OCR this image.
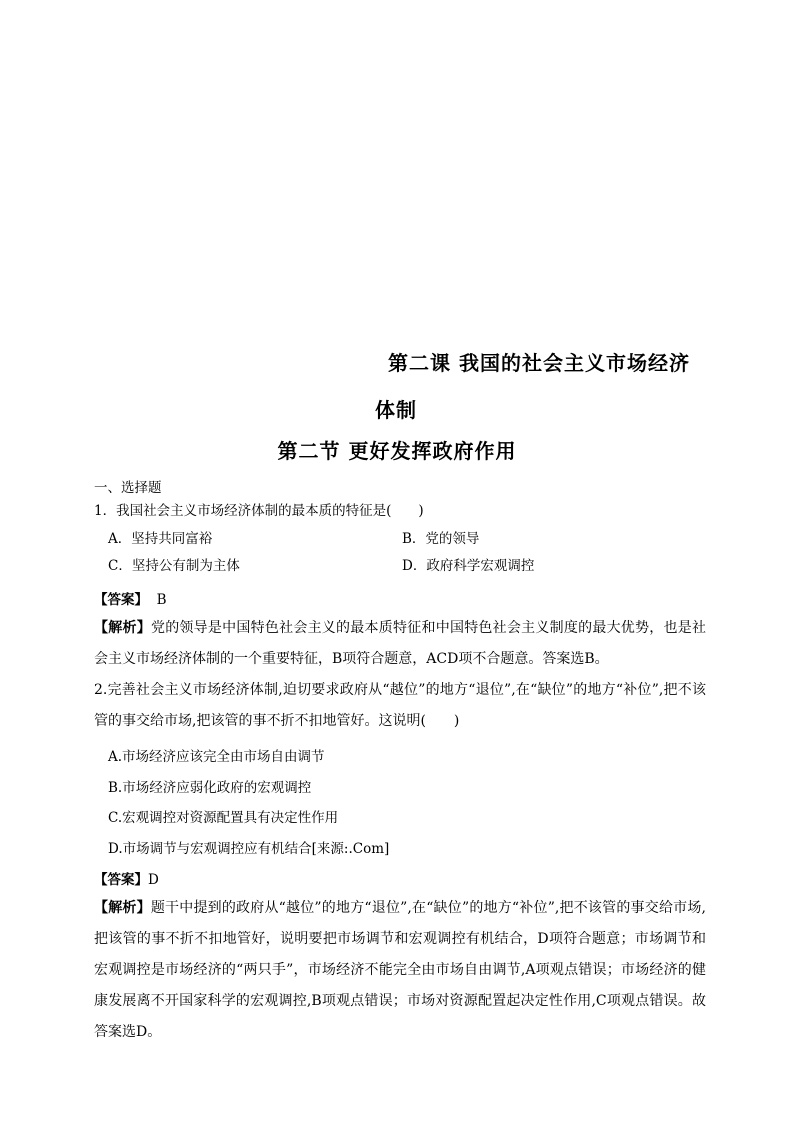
第二课 我国的社会主义市场经济
体制
第二节 更好发挥政府作用
一、选择题
1．我国社会主义市场经济体制的最本质的特征是(　　)
A．坚持共同富裕	B．党的领导
C．坚持公有制为主体	D．政府科学宏观调控
【答案】 B
【解析】党的领导是中国特色社会主义的最本质特征和中国特色社会主义制度的最大优势，也是社会主义市场经济体制的一个重要特征，B项符合题意，ACD项不合题意。答案选B。
2.完善社会主义市场经济体制,迫切要求政府从“越位”的地方“退位”,在“缺位”的地方“补位”,把不该管的事交给市场,把该管的事不折不扣地管好。这说明(　　)
A.市场经济应该完全由市场自由调节
B.市场经济应弱化政府的宏观调控
C.宏观调控对资源配置具有决定性作用
D.市场调节与宏观调控应有机结合[来源:.Com]
【答案】D
【解析】题干中提到的政府从“越位”的地方“退位”,在“缺位”的地方“补位”,把不该管的事交给市场,把该管的事不折不扣地管好，说明要把市场调节和宏观调控有机结合，D项符合题意；市场调节和宏观调控是市场经济的“两只手”，市场经济不能完全由市场自由调节,A项观点错误；市场经济的健康发展离不开国家科学的宏观调控,B项观点错误；市场对资源配置起决定性作用,C项观点错误。故答案选D。
